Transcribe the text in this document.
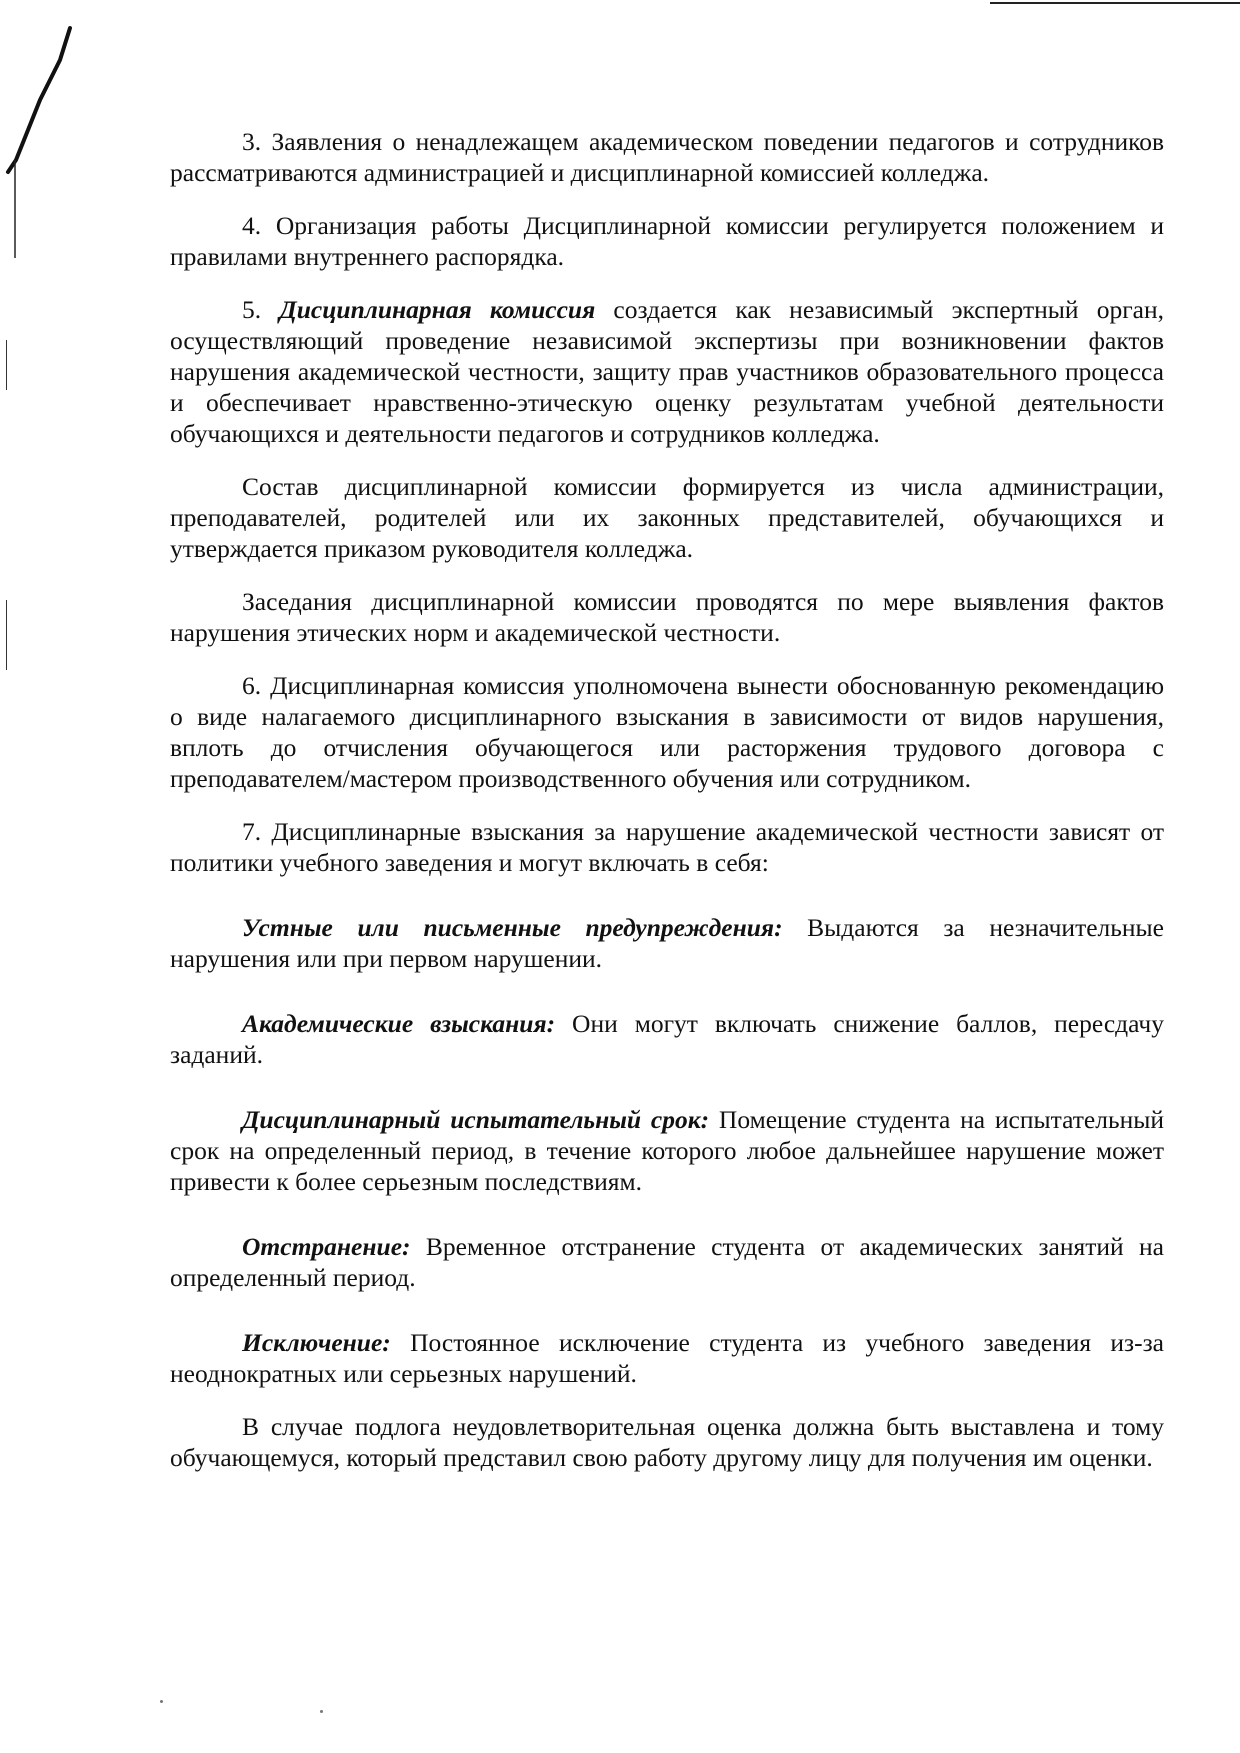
3. Заявления о ненадлежащем академическом поведении педагогов и сотрудников рассматриваются администрацией и дисциплинарной комиссией колледжа.

4. Организация работы Дисциплинарной комиссии регулируется положением и правилами внутреннего распорядка.

5. Дисциплинарная комиссия создается как независимый экспертный орган, осуществляющий проведение независимой экспертизы при возникновении фактов нарушения академической честности, защиту прав участников образовательного процесса и обеспечивает нравственно-этическую оценку результатам учебной деятельности обучающихся и деятельности педагогов и сотрудников колледжа.

Состав дисциплинарной комиссии формируется из числа администрации, преподавателей, родителей или их законных представителей, обучающихся и утверждается приказом руководителя колледжа.

Заседания дисциплинарной комиссии проводятся по мере выявления фактов нарушения этических норм и академической честности.

6. Дисциплинарная комиссия уполномочена вынести обоснованную рекомендацию о виде налагаемого дисциплинарного взыскания в зависимости от видов нарушения, вплоть до отчисления обучающегося или расторжения трудового договора с преподавателем/мастером производственного обучения или сотрудником.

7. Дисциплинарные взыскания за нарушение академической честности зависят от политики учебного заведения и могут включать в себя:

Устные или письменные предупреждения: Выдаются за незначительные нарушения или при первом нарушении.

Академические взыскания: Они могут включать снижение баллов, пересдачу заданий.

Дисциплинарный испытательный срок: Помещение студента на испытательный срок на определенный период, в течение которого любое дальнейшее нарушение может привести к более серьезным последствиям.

Отстранение: Временное отстранение студента от академических занятий на определенный период.

Исключение: Постоянное исключение студента из учебного заведения из-за неоднократных или серьезных нарушений.

В случае подлога неудовлетворительная оценка должна быть выставлена и тому обучающемуся, который представил свою работу другому лицу для получения им оценки.
